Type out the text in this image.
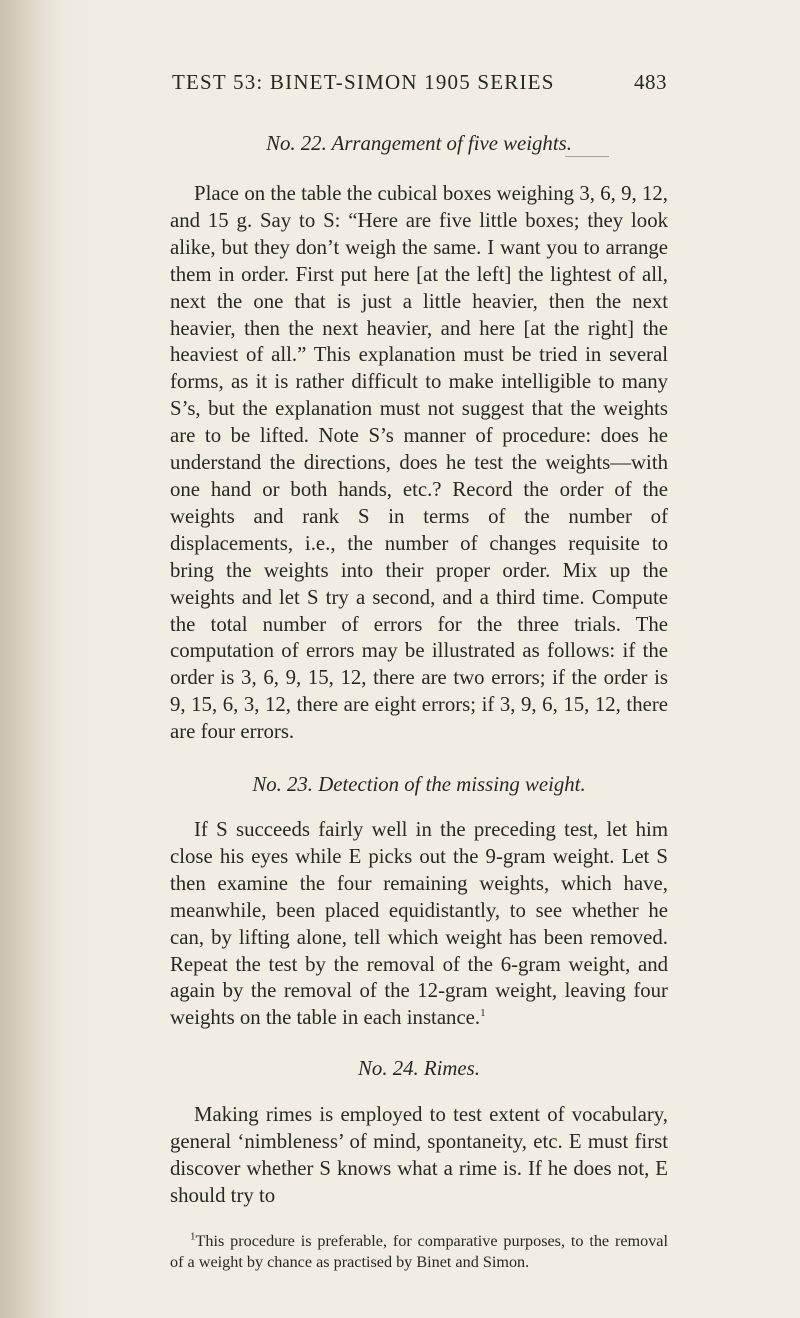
TEST 53: BINET-SIMON 1905 SERIES	483
No. 22. Arrangement of five weights.

Place on the table the cubical boxes weighing 3, 6, 9, 12, and 15 g. Say to S: “Here are five little boxes; they look alike, but they don’t weigh the same. I want you to arrange them in order. First put here [at the left] the lightest of all, next the one that is just a little heavier, then the next heavier, then the next heavier, and here [at the right] the heaviest of all.” This explanation must be tried in several forms, as it is rather difficult to make intelligible to many S’s, but the explanation must not suggest that the weights are to be lifted. Note S’s manner of procedure: does he understand the directions, does he test the weights—with one hand or both hands, etc.? Record the order of the weights and rank S in terms of the number of displacements, i.e., the number of changes requisite to bring the weights into their proper order. Mix up the weights and let S try a second, and a third time. Compute the total number of errors for the three trials. The computation of errors may be illustrated as follows: if the order is 3, 6, 9, 15, 12, there are two errors; if the order is 9, 15, 6, 3, 12, there are eight errors; if 3, 9, 6, 15, 12, there are four errors.

No. 23. Detection of the missing weight.

If S succeeds fairly well in the preceding test, let him close his eyes while E picks out the 9-gram weight. Let S then examine the four remaining weights, which have, meanwhile, been placed equidistantly, to see whether he can, by lifting alone, tell which weight has been removed. Repeat the test by the removal of the 6-gram weight, and again by the removal of the 12-gram weight, leaving four weights on the table in each instance.$^1$

No. 24. Rimes.

Making rimes is employed to test extent of vocabulary, general ‘nimbleness’ of mind, spontaneity, etc. E must first discover whether S knows what a rime is. If he does not, E should try to

$^1$This procedure is preferable, for comparative purposes, to the removal of a weight by chance as practised by Binet and Simon.
